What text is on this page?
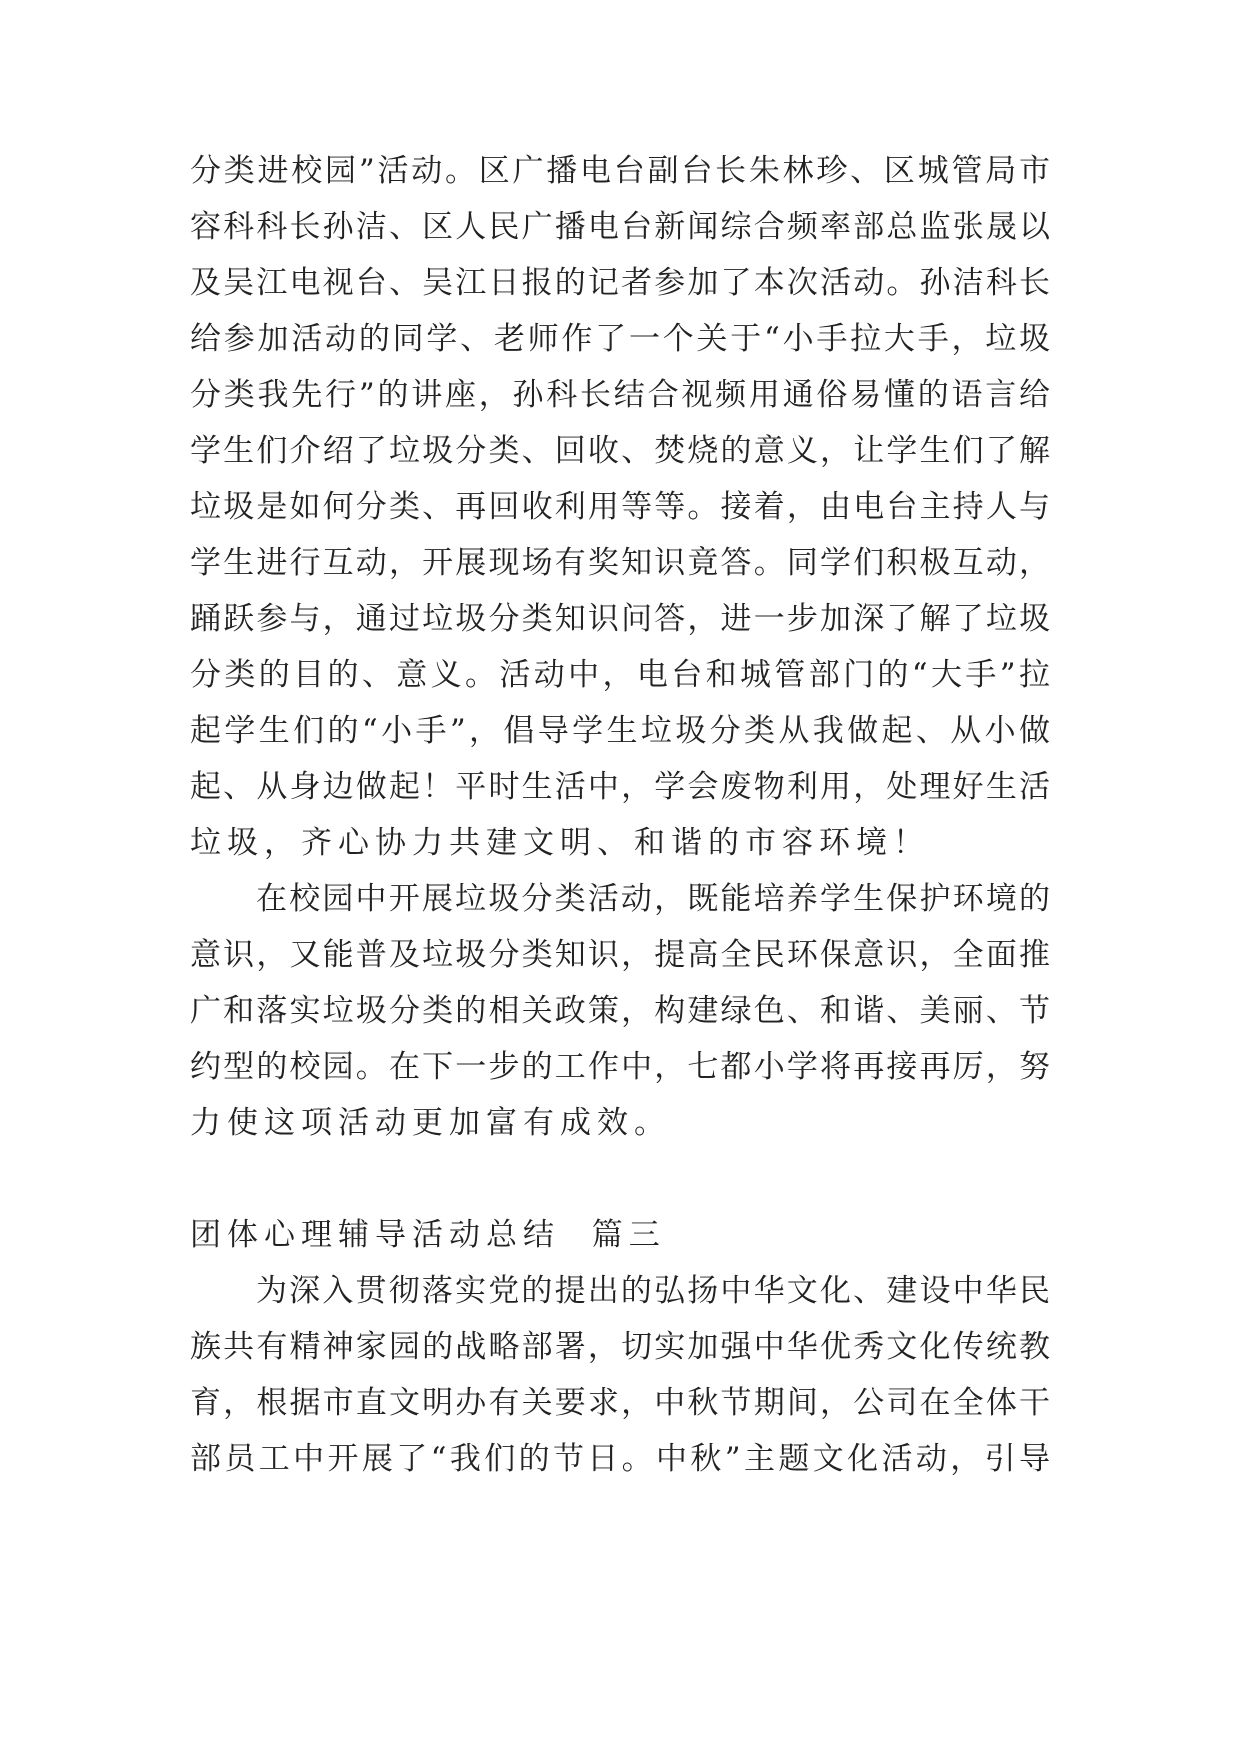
分类进校园”活动。区广播电台副台长朱林珍、区城管局市
容科科长孙洁、区人民广播电台新闻综合频率部总监张晟以
及吴江电视台、吴江日报的记者参加了本次活动。孙洁科长
给参加活动的同学、老师作了一个关于“小手拉大手，垃圾
分类我先行”的讲座，孙科长结合视频用通俗易懂的语言给
学生们介绍了垃圾分类、回收、焚烧的意义，让学生们了解
垃圾是如何分类、再回收利用等等。接着，由电台主持人与
学生进行互动，开展现场有奖知识竟答。同学们积极互动，
踊跃参与，通过垃圾分类知识问答，进一步加深了解了垃圾
分类的目的、意义。活动中，电台和城管部门的“大手”拉
起学生们的“小手”，倡导学生垃圾分类从我做起、从小做
起、从身边做起！平时生活中，学会废物利用，处理好生活
垃圾，齐心协力共建文明、和谐的市容环境！
在校园中开展垃圾分类活动，既能培养学生保护环境的
意识，又能普及垃圾分类知识，提高全民环保意识，全面推
广和落实垃圾分类的相关政策，构建绿色、和谐、美丽、节
约型的校园。在下一步的工作中，七都小学将再接再厉，努
力使这项活动更加富有成效。
团体心理辅导活动总结  篇三
为深入贯彻落实党的提出的弘扬中华文化、建设中华民
族共有精神家园的战略部署，切实加强中华优秀文化传统教
育，根据市直文明办有关要求，中秋节期间，公司在全体干
部员工中开展了“我们的节日。中秋”主题文化活动，引导
